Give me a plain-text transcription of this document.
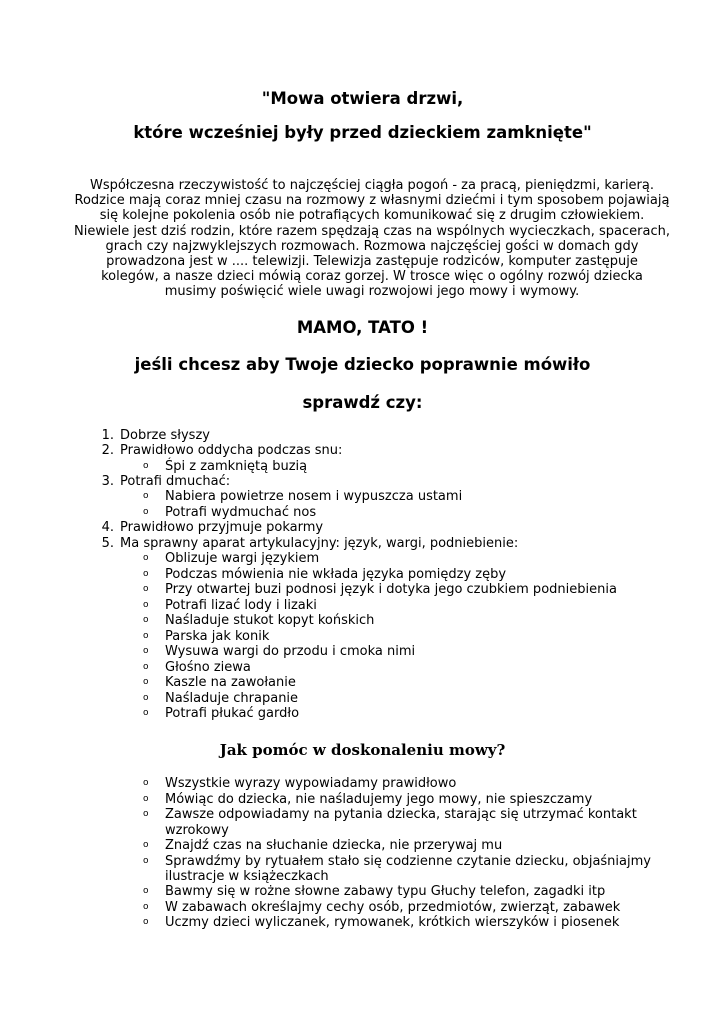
"Mowa otwiera drzwi,
które wcześniej były przed dzieckiem zamknięte"
Współczesna rzeczywistość to najczęściej ciągła pogoń - za pracą, pieniędzmi, karierą.
Rodzice mają coraz mniej czasu na rozmowy z własnymi dziećmi i tym sposobem pojawiają
się kolejne pokolenia osób nie potrafiących komunikować się z drugim człowiekiem.
Niewiele jest dziś rodzin, które razem spędzają czas na wspólnych wycieczkach, spacerach,
grach czy najzwyklejszych rozmowach. Rozmowa najczęściej gości w domach gdy
prowadzona jest w .... telewizji. Telewizja zastępuje rodziców, komputer zastępuje
kolegów, a nasze dzieci mówią coraz gorzej. W trosce więc o ogólny rozwój dziecka
musimy poświęcić wiele uwagi rozwojowi jego mowy i wymowy.
MAMO, TATO !
jeśli chcesz aby Twoje dziecko poprawnie mówiło
sprawdź czy:
1. Dobrze słyszy
2. Prawidłowo oddycha podczas snu:
o Śpi z zamkniętą buzią
3. Potrafi dmuchać:
o Nabiera powietrze nosem i wypuszcza ustami
o Potrafi wydmuchać nos
4. Prawidłowo przyjmuje pokarmy
5. Ma sprawny aparat artykulacyjny: język, wargi, podniebienie:
o Oblizuje wargi językiem
o Podczas mówienia nie wkłada języka pomiędzy zęby
o Przy otwartej buzi podnosi język i dotyka jego czubkiem podniebienia
o Potrafi lizać lody i lizaki
o Naśladuje stukot kopyt końskich
o Parska jak konik
o Wysuwa wargi do przodu i cmoka nimi
o Głośno ziewa
o Kaszle na zawołanie
o Naśladuje chrapanie
o Potrafi płukać gardło
Jak pomóc w doskonaleniu mowy?
o Wszystkie wyrazy wypowiadamy prawidłowo
o Mówiąc do dziecka, nie naśladujemy jego mowy, nie spieszczamy
o Zawsze odpowiadamy na pytania dziecka, starając się utrzymać kontakt
wzrokowy
o Znajdź czas na słuchanie dziecka, nie przerywaj mu
o Sprawdźmy by rytuałem stało się codzienne czytanie dziecku, objaśniajmy
ilustracje w książeczkach
o Bawmy się w rożne słowne zabawy typu Głuchy telefon, zagadki itp
o W zabawach określajmy cechy osób, przedmiotów, zwierząt, zabawek
o Uczmy dzieci wyliczanek, rymowanek, krótkich wierszyków i piosenek
